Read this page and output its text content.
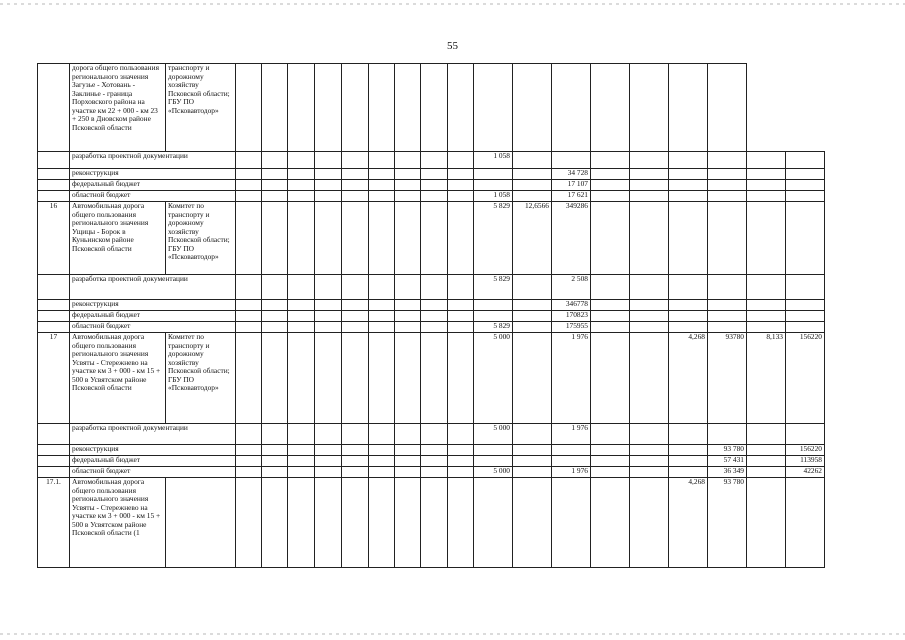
55
	дорога общего пользования регионального значения Загузье - Хотовань - Заклинье - граница Порховского района на участке км 22 + 000 - км 23 + 250 в Дновском районе Псковской области	транспорту и дорожному хозяйству Псковской области; ГБУ ПО «Псковавтодор»																		
	разработка проектной документации											1 058								
	реконструкция													34 728						
	федеральный бюджет													17 107						
	областной бюджет											1 058		17 621						
16	Автомобильная дорога общего пользования регионального значения Ущицы - Борок в Куньинском районе Псковской области	Комитет по транспорту и дорожному хозяйству Псковской области; ГБУ ПО «Псковавтодор»										5 829	12,6566	349286						
	разработка проектной документации											5 829		2 508						
	реконструкция													346778						
	федеральный бюджет													170823						
	областной бюджет											5 829		175955						
17	Автомобильная дорога общего пользования регионального значения Усвяты - Стережнево на участке км 3 + 000 - км 15 + 500 в Усвятском районе Псковской области	Комитет по транспорту и дорожному хозяйству Псковской области; ГБУ ПО «Псковавтодор»										5 000		1 976			4,268	93780	8,133	156220
	разработка проектной документации											5 000		1 976						
	реконструкция																	93 780		156220
	федеральный бюджет																	57 431		113958
	областной бюджет											5 000		1 976				36 349		42262
17.1.	Автомобильная дорога общего пользования регионального значения Усвяты - Стережнево на участке км 3 + 000 - км 15 + 500 в Усвятском районе Псковской области (1																4,268	93 780		
